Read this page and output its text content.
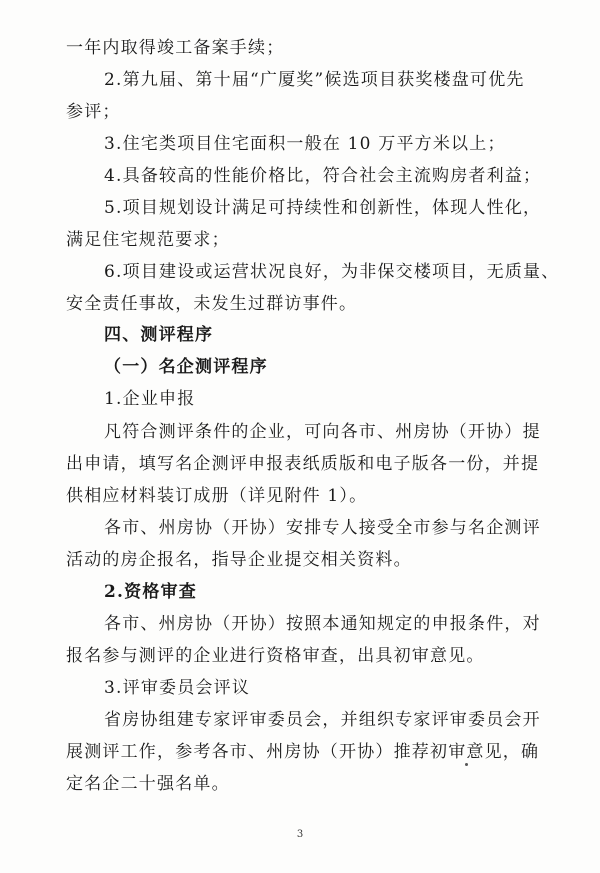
一年内取得竣工备案手续；
2.第九届、第十届“广厦奖”候选项目获奖楼盘可优先
参评；
3.住宅类项目住宅面积一般在 10 万平方米以上；
4.具备较高的性能价格比，符合社会主流购房者利益；
5.项目规划设计满足可持续性和创新性，体现人性化，
满足住宅规范要求；
6.项目建设或运营状况良好，为非保交楼项目，无质量、
安全责任事故，未发生过群访事件。
四、测评程序
（一）名企测评程序
1.企业申报
凡符合测评条件的企业，可向各市、州房协（开协）提
出申请，填写名企测评申报表纸质版和电子版各一份，并提
供相应材料装订成册（详见附件 1）。
各市、州房协（开协）安排专人接受全市参与名企测评
活动的房企报名，指导企业提交相关资料。
2.资格审查
各市、州房协（开协）按照本通知规定的申报条件，对
报名参与测评的企业进行资格审查，出具初审意见。
3.评审委员会评议
省房协组建专家评审委员会，并组织专家评审委员会开
展测评工作，参考各市、州房协（开协）推荐初审意见，确
定名企二十强名单。
3
